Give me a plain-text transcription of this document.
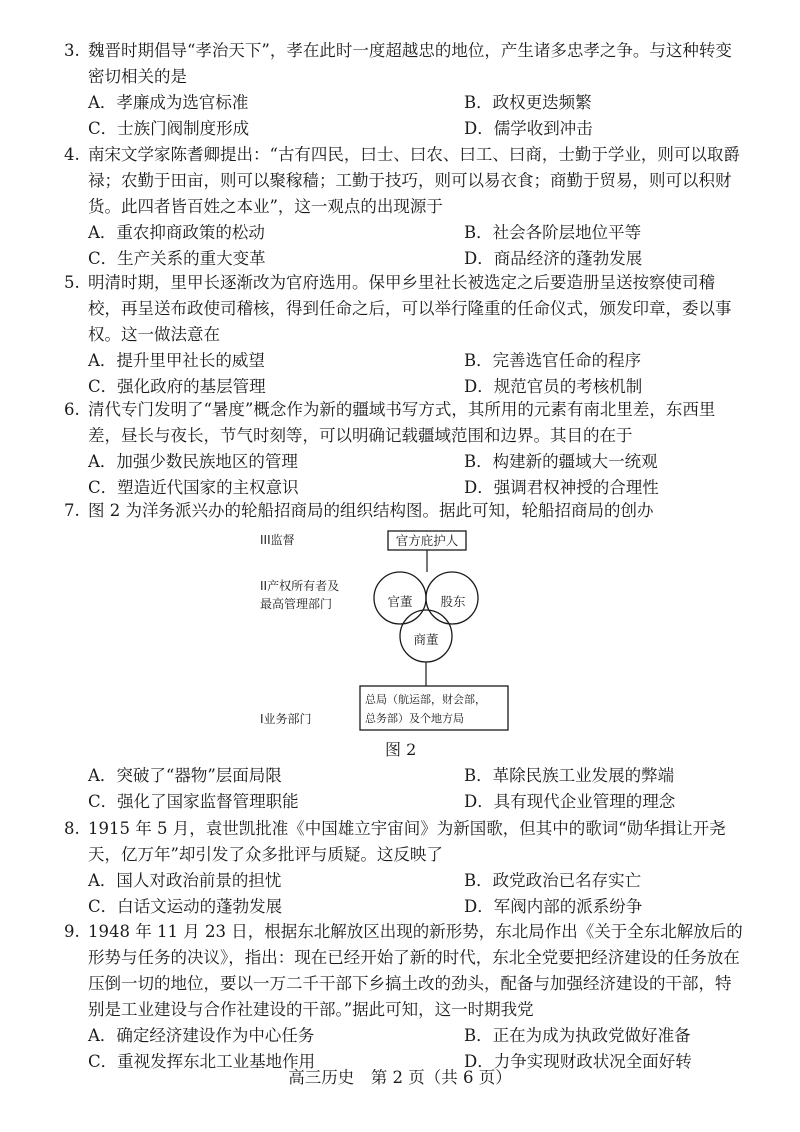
3. 魏晋时期倡导“孝治天下”，孝在此时一度超越忠的地位，产生诸多忠孝之争。与这种转变密切相关的是

A．孝廉成为选官标准	B．政权更迭频繁
C．士族门阀制度形成	D．儒学收到冲击

4. 南宋文学家陈耆卿提出：“古有四民，曰士、曰农、曰工、曰商，士勤于学业，则可以取爵禄；农勤于田亩，则可以聚稼穑；工勤于技巧，则可以易衣食；商勤于贸易，则可以积财货。此四者皆百姓之本业”，这一观点的出现源于

A．重农抑商政策的松动	B．社会各阶层地位平等
C．生产关系的重大变革	D．商品经济的蓬勃发展

5. 明清时期，里甲长逐渐改为官府选用。保甲乡里社长被选定之后要造册呈送按察使司稽校，再呈送布政使司稽核，得到任命之后，可以举行隆重的任命仪式，颁发印章，委以事权。这一做法意在

A．提升里甲社长的威望	B．完善选官任命的程序
C．强化政府的基层管理	D．规范官员的考核机制

6. 清代专门发明了“暑度”概念作为新的疆域书写方式，其所用的元素有南北里差，东西里差，昼长与夜长，节气时刻等，可以明确记载疆域范围和边界。其目的在于

A．加强少数民族地区的管理	B．构建新的疆域大一统观
C．塑造近代国家的主权意识	D．强调君权神授的合理性

7. 图 2 为洋务派兴办的轮船招商局的组织结构图。据此可知，轮船招商局的创办

III监督
II产权所有者及
最高管理部门
I业务部门
官方庇护人
官董 股东
商董
总局（航运部，财会部，
总务部）及个地方局
图 2
A．突破了“器物”层面局限	B．革除民族工业发展的弊端
C．强化了国家监督管理职能	D．具有现代企业管理的理念

8. 1915 年 5 月，袁世凯批准《中国雄立宇宙间》为新国歌，但其中的歌词“勋华揖让开尧天，亿万年”却引发了众多批评与质疑。这反映了

A．国人对政治前景的担忧	B．政党政治已名存实亡
C．白话文运动的蓬勃发展	D．军阀内部的派系纷争

9. 1948 年 11 月 23 日，根据东北解放区出现的新形势，东北局作出《关于全东北解放后的形势与任务的决议》，指出：现在已经开始了新的时代，东北全党要把经济建设的任务放在压倒一切的地位，要以一万二千干部下乡搞土改的劲头，配备与加强经济建设的干部，特别是工业建设与合作社建设的干部。”据此可知，这一时期我党

A．确定经济建设作为中心任务	B．正在为成为执政党做好准备
C．重视发挥东北工业基地作用	D．力争实现财政状况全面好转
高三历史　第 2 页（共 6 页）
